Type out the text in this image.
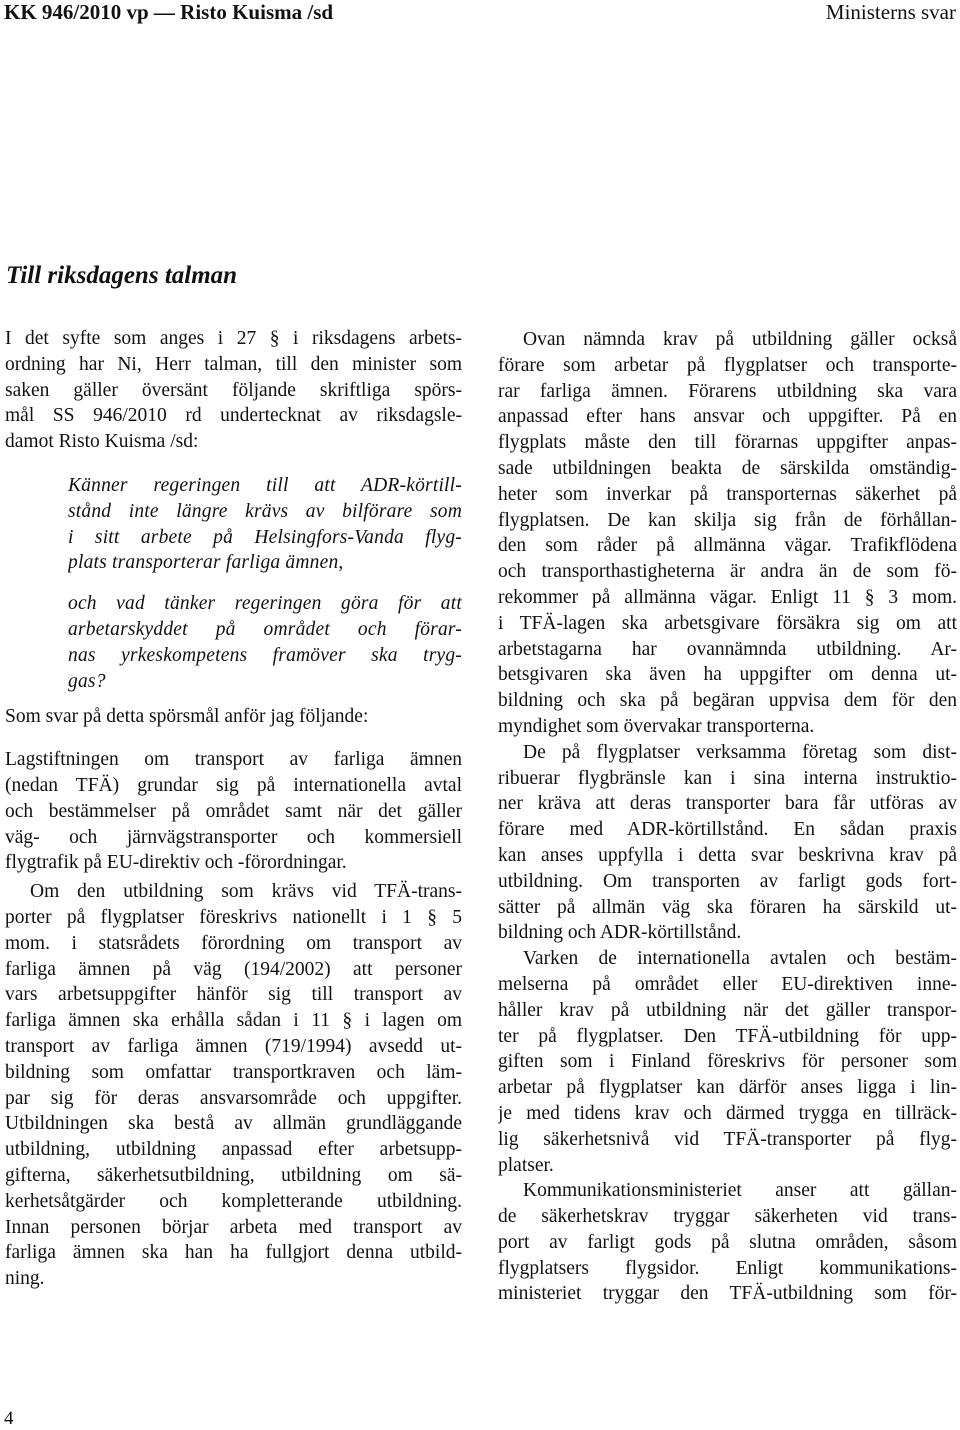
KK 946/2010 vp — Risto Kuisma /sd	Ministerns svar
Till riksdagens talman
I det syfte som anges i 27 § i riksdagens arbets-
ordning har Ni, Herr talman, till den minister som
saken gäller översänt följande skriftliga spörs-
mål SS 946/2010 rd undertecknat av riksdagsle-
damot Risto Kuisma /sd:
Känner regeringen till att ADR-körtill-
stånd inte längre krävs av bilförare som
i sitt arbete på Helsingfors-Vanda flyg-
plats transporterar farliga ämnen,
och vad tänker regeringen göra för att
arbetarskyddet på området och förar-
nas yrkeskompetens framöver ska tryg-
gas?
Som svar på detta spörsmål anför jag följande:
Lagstiftningen om transport av farliga ämnen
(nedan TFÄ) grundar sig på internationella avtal
och bestämmelser på området samt när det gäller
väg- och järnvägstransporter och kommersiell
flygtrafik på EU-direktiv och -förordningar.
Om den utbildning som krävs vid TFÄ-trans-
porter på flygplatser föreskrivs nationellt i 1 § 5
mom. i statsrådets förordning om transport av
farliga ämnen på väg (194/2002) att personer
vars arbetsuppgifter hänför sig till transport av
farliga ämnen ska erhålla sådan i 11 § i lagen om
transport av farliga ämnen (719/1994) avsedd ut-
bildning som omfattar transportkraven och läm-
par sig för deras ansvarsområde och uppgifter.
Utbildningen ska bestå av allmän grundläggande
utbildning, utbildning anpassad efter arbetsupp-
gifterna, säkerhetsutbildning, utbildning om sä-
kerhetsåtgärder och kompletterande utbildning.
Innan personen börjar arbeta med transport av
farliga ämnen ska han ha fullgjort denna utbild-
ning.
Ovan nämnda krav på utbildning gäller också
förare som arbetar på flygplatser och transporte-
rar farliga ämnen. Förarens utbildning ska vara
anpassad efter hans ansvar och uppgifter. På en
flygplats måste den till förarnas uppgifter anpas-
sade utbildningen beakta de särskilda omständig-
heter som inverkar på transporternas säkerhet på
flygplatsen. De kan skilja sig från de förhållan-
den som råder på allmänna vägar. Trafikflödena
och transporthastigheterna är andra än de som fö-
rekommer på allmänna vägar. Enligt 11 § 3 mom.
i TFÄ-lagen ska arbetsgivare försäkra sig om att
arbetstagarna har ovannämnda utbildning. Ar-
betsgivaren ska även ha uppgifter om denna ut-
bildning och ska på begäran uppvisa dem för den
myndighet som övervakar transporterna.
De på flygplatser verksamma företag som dist-
ribuerar flygbränsle kan i sina interna instruktio-
ner kräva att deras transporter bara får utföras av
förare med ADR-körtillstånd. En sådan praxis
kan anses uppfylla i detta svar beskrivna krav på
utbildning. Om transporten av farligt gods fort-
sätter på allmän väg ska föraren ha särskild ut-
bildning och ADR-körtillstånd.
Varken de internationella avtalen och bestäm-
melserna på området eller EU-direktiven inne-
håller krav på utbildning när det gäller transpor-
ter på flygplatser. Den TFÄ-utbildning för upp-
giften som i Finland föreskrivs för personer som
arbetar på flygplatser kan därför anses ligga i lin-
je med tidens krav och därmed trygga en tillräck-
lig säkerhetsnivå vid TFÄ-transporter på flyg-
platser.
Kommunikationsministeriet anser att gällan-
de säkerhetskrav tryggar säkerheten vid trans-
port av farligt gods på slutna områden, såsom
flygplatsers flygsidor. Enligt kommunikations-
ministeriet tryggar den TFÄ-utbildning som för-
4
